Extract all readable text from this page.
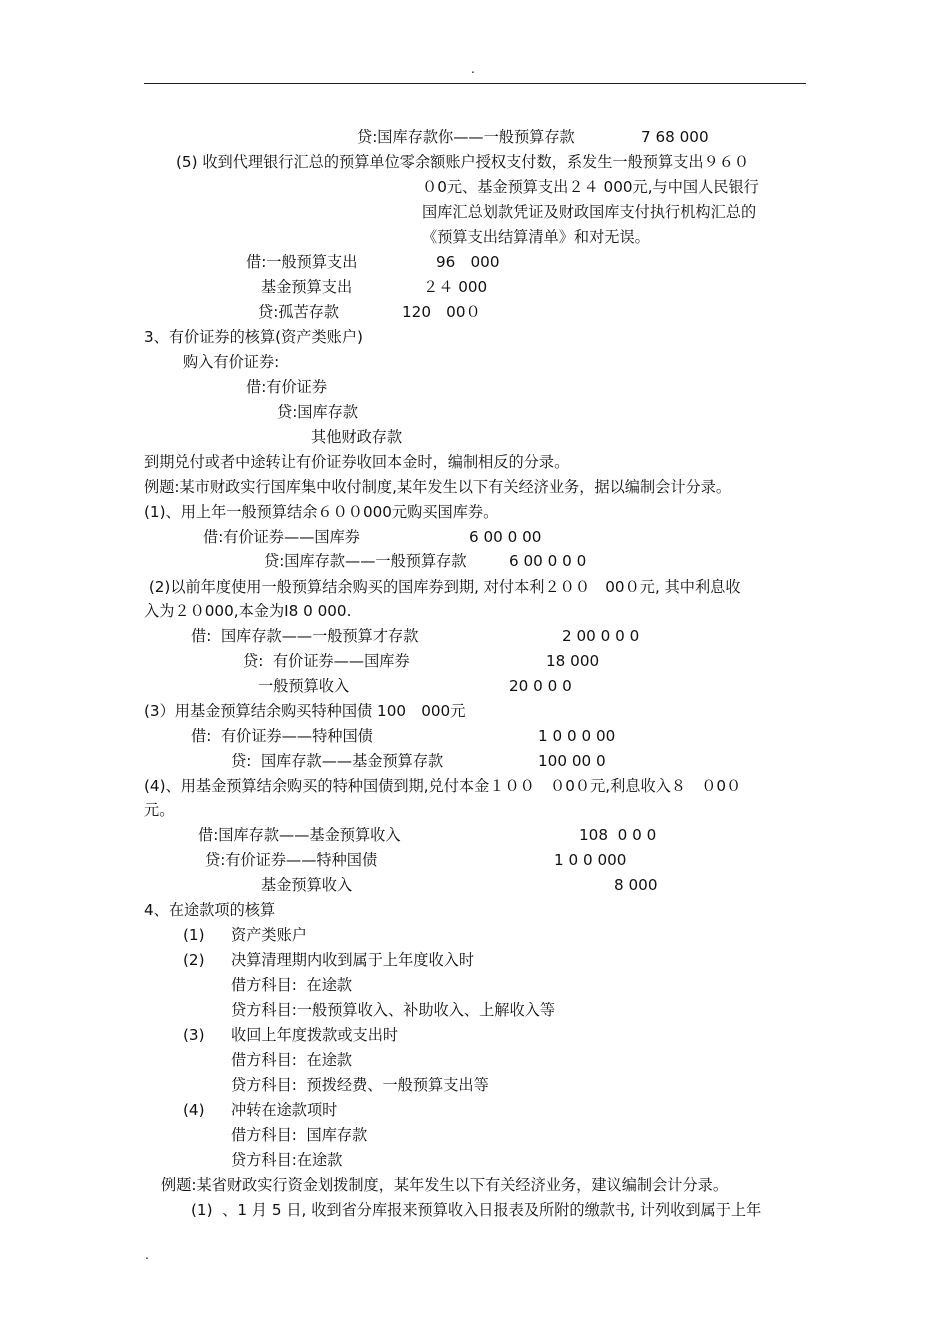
.
贷:国库存款你——一般预算存款	7 68 000
(5) 收到代理银行汇总的预算单位零余额账户授权支付数，系发生一般预算支出９６０
０0元、基金预算支出２４ 000元,与中国人民银行
国库汇总划款凭证及财政国库支付执行机构汇总的
《预算支出结算清单》和对无误。
借:一般预算支出	96　000
基金预算支出	２４ 000
贷:孤苦存款	120　00０
3、有价证券的核算(资产类账户)
购入有价证券:
借:有价证券
贷:国库存款
其他财政存款
到期兑付或者中途转让有价证券收回本金时，编制相反的分录。
例题:某市财政实行国库集中收付制度,某年发生以下有关经济业务，据以编制会计分录。
(1)、用上年一般预算结余６００000元购买国库券。
借:有价证券——国库券	6 00 0 00
贷:国库存款——一般预算存款	6 00 0 0 0
(2)以前年度使用一般预算结余购买的国库券到期, 对付本利２００　00０元, 其中利息收
入为２０000,本金为I8 0 000.
借:  国库存款——一般预算才存款	2 00 0 0 0
贷:  有价证券——国库券	18 000
一般预算收入	20 0 0 0
(3）用基金预算结余购买特种国债 100　000元
借:  有价证券——特种国债	1 0 0 0 00
贷:  国库存款——基金预算存款	100 00 0
(4)、用基金预算结余购买的特种国债到期,兑付本金１００　０0０元,利息收入８　０0０
元。
借:国库存款——基金预算收入	108  0 0 0
贷:有价证券——特种国债	1 0 0 000
基金预算收入	8 000
4、在途款项的核算
(1) 资产类账户
(2) 决算清理期内收到属于上年度收入时
借方科目:  在途款
贷方科目:一般预算收入、补助收入、上解收入等
(3) 收回上年度拨款或支出时
借方科目:  在途款
贷方科目:  预拨经费、一般预算支出等
(4) 冲转在途款项时
借方科目:  国库存款
贷方科目:在途款
例题:某省财政实行资金划拨制度，某年发生以下有关经济业务，建议编制会计分录。
(1)  、1 月 5 日, 收到省分库报来预算收入日报表及所附的缴款书, 计列收到属于上年
.
